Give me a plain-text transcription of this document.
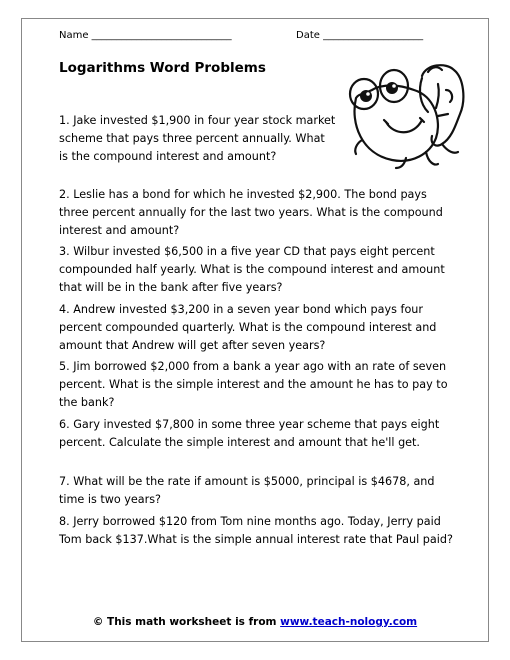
Name ____________________________	Date ____________________
Logarithms Word Problems

1. Jake invested $1,900 in four year stock market scheme that pays three percent annually. What is the compound interest and amount?

2. Leslie has a bond for which he invested $2,900. The bond pays three percent annually for the last two years. What is the compound interest and amount?

3. Wilbur invested $6,500 in a five year CD that pays eight percent compounded half yearly. What is the compound interest and amount that will be in the bank after five years?

4. Andrew invested $3,200 in a seven year bond which pays four percent compounded quarterly. What is the compound interest and amount that Andrew will get after seven years?

5. Jim borrowed $2,000 from a bank a year ago with an rate of seven percent. What is the simple interest and the amount he has to pay to the bank?

6. Gary invested $7,800 in some three year scheme that pays eight percent. Calculate the simple interest and amount that he'll get.

7. What will be the rate if amount is $5000, principal is $4678, and time is two years?

8. Jerry borrowed $120 from Tom nine months ago. Today, Jerry paid Tom back $137.What is the simple annual interest rate that Paul paid?

© This math worksheet is from www.teach-nology.com
